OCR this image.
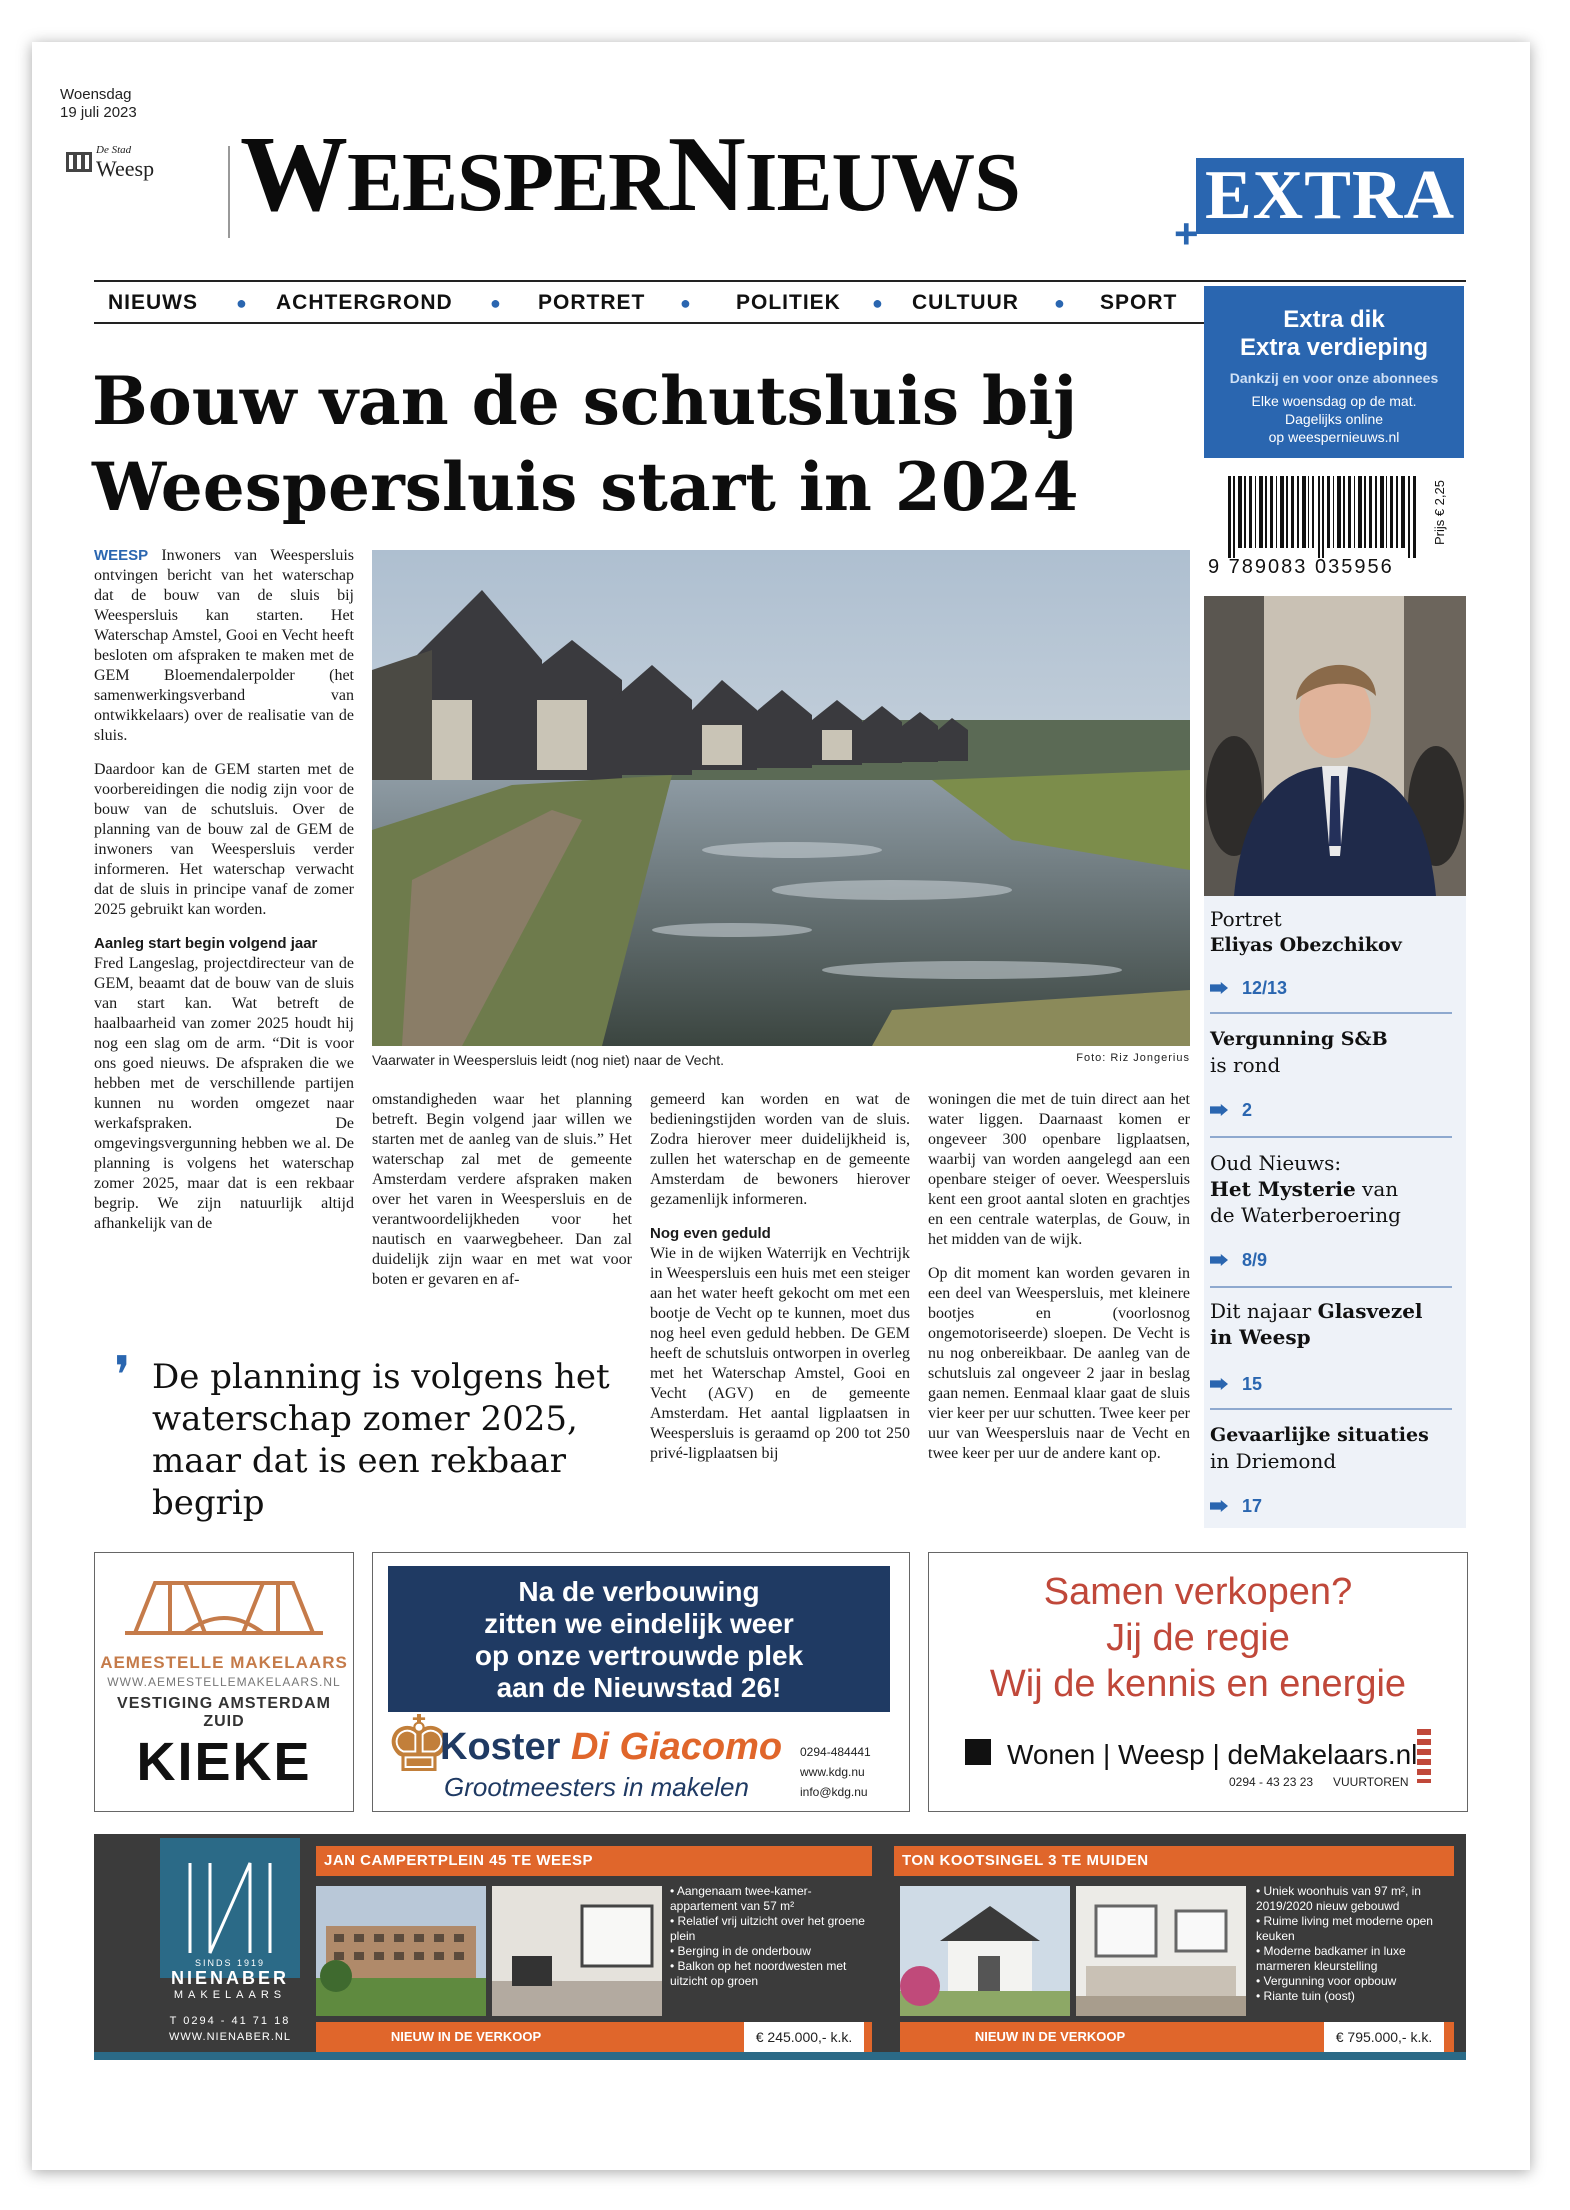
Woensdag
19 juli 2023
De Stad
Weesp WEESPERNIEUWS	EXTRA
+
NIEUWS ● ACHTERGROND ● PORTRET ● POLITIEK ● CULTUUR ● SPORT
Extra dik
Extra verdieping
Dankzij en voor onze abonnees
Elke woensdag op de mat.
Dagelijks online
op weespernieuws.nl
Bouw van de schutsluis bij
Weespersluis start in 2024
9 789083 035956
Prijs € 2,25

WEESP Inwoners van Weespersluis ontvingen bericht van het waterschap dat de bouw van de sluis bij Weespersluis kan starten. Het Waterschap Amstel, Gooi en Vecht heeft besloten om afspraken te maken met de GEM Bloemendalerpolder (het samenwerkingsverband van ontwikkelaars) over de realisatie van de sluis.

Daardoor kan de GEM starten met de voorbereidingen die nodig zijn voor de bouw van de schutsluis. Over de planning van de bouw zal de GEM de inwoners van Weespersluis verder informeren. Het waterschap verwacht dat de sluis in principe vanaf de zomer 2025 gebruikt kan worden.

Aanleg start begin volgend jaar

Fred Langeslag, projectdirecteur van de GEM, beaamt dat de bouw van de sluis van start kan. Wat betreft de haalbaarheid van zomer 2025 houdt hij nog een slag om de arm. “Dit is voor ons goed nieuws. De afspraken die we hebben met de verschillende partijen kunnen nu worden omgezet naar werkafspraken. De omgevingsvergunning hebben we al. De planning is volgens het waterschap zomer 2025, maar dat is een rekbaar begrip. We zijn natuurlijk altijd afhankelijk van de

Vaarwater in Weespersluis leidt (nog niet) naar de Vecht.	Foto: Riz Jongerius

omstandigheden waar het planning betreft. Begin volgend jaar willen we starten met de aanleg van de sluis.” Het waterschap zal met de gemeente Amsterdam verdere afspraken maken over het varen in Weespersluis en de verantwoordelijkheden voor het nautisch en vaarwegbeheer. Dan zal duidelijk zijn waar en met wat voor boten er gevaren en af-

gemeerd kan worden en wat de bedieningstijden worden van de sluis. Zodra hierover meer duidelijkheid is, zullen het waterschap en de gemeente Amsterdam de bewoners hierover gezamenlijk informeren.

Nog even geduld

Wie in de wijken Waterrijk en Vechtrijk in Weespersluis een huis met een steiger aan het water heeft gekocht om met een bootje de Vecht op te kunnen, moet dus nog heel even geduld hebben. De GEM heeft de schutsluis ontworpen in overleg met het Waterschap Amstel, Gooi en Vecht (AGV) en de gemeente Amsterdam. Het aantal ligplaatsen in Weespersluis is geraamd op 200 tot 250 privé-ligplaatsen bij

woningen die met de tuin direct aan het water liggen. Daarnaast komen er ongeveer 300 openbare ligplaatsen, waarbij van worden aangelegd aan een openbare steiger of oever. Weespersluis kent een groot aantal sloten en grachtjes en een centrale waterplas, de Gouw, in het midden van de wijk.

Op dit moment kan worden gevaren in een deel van Weespersluis, met kleinere bootjes en (voorlosnog ongemotoriseerde) sloepen. De Vecht is nu nog onbereikbaar. De aanleg van de schutsluis zal ongeveer 2 jaar in beslag gaan nemen. Eenmaal klaar gaat de sluis vier keer per uur schutten. Twee keer per uur van Weespersluis naar de Vecht en twee keer per uur de andere kant op.

❜ De planning is volgens het waterschap zomer 2025, maar dat is een rekbaar begrip
Portret
Eliyas Obezchikov
12/13
Vergunning S&B
is rond
2
Oud Nieuws:
Het Mysterie van
de Waterberoering
8/9
Dit najaar Glasvezel
in Weesp
15
Gevaarlijke situaties
in Driemond
17
AEMESTELLE MAKELAARS
WWW.AEMESTELLEMAKELAARS.NL
VESTIGING AMSTERDAM ZUID
KIEKE
Na de verbouwing
zitten we eindelijk weer
op onze vertrouwde plek
aan de Nieuwstad 26!
♚
Koster Di Giacomo
Grootmeesters in makelen
0294-484441
www.kdg.nu
info@kdg.nu
Samen verkopen?
Jij de regie
Wij de kennis en energie
Wonen | Weesp | deMakelaars.nl
0294 - 43 23 23 VUURTOREN
SINDS 1919
NIENABER
MAKELAARS
T 0294 - 41 71 18
WWW.NIENABER.NL
JAN CAMPERTPLEIN 45 TE WEESP
• Aangenaam twee-kamer-appartement van 57 m²
• Relatief vrij uitzicht over het groene plein
• Berging in de onderbouw
• Balkon op het noordwesten met uitzicht op groen
NIEUW IN DE VERKOOP	€ 245.000,- k.k.
TON KOOTSINGEL 3 TE MUIDEN
• Uniek woonhuis van 97 m², in 2019/2020 nieuw gebouwd
• Ruime living met moderne open keuken
• Moderne badkamer in luxe marmeren kleurstelling
• Vergunning voor opbouw
• Riante tuin (oost)
NIEUW IN DE VERKOOP	€ 795.000,- k.k.
